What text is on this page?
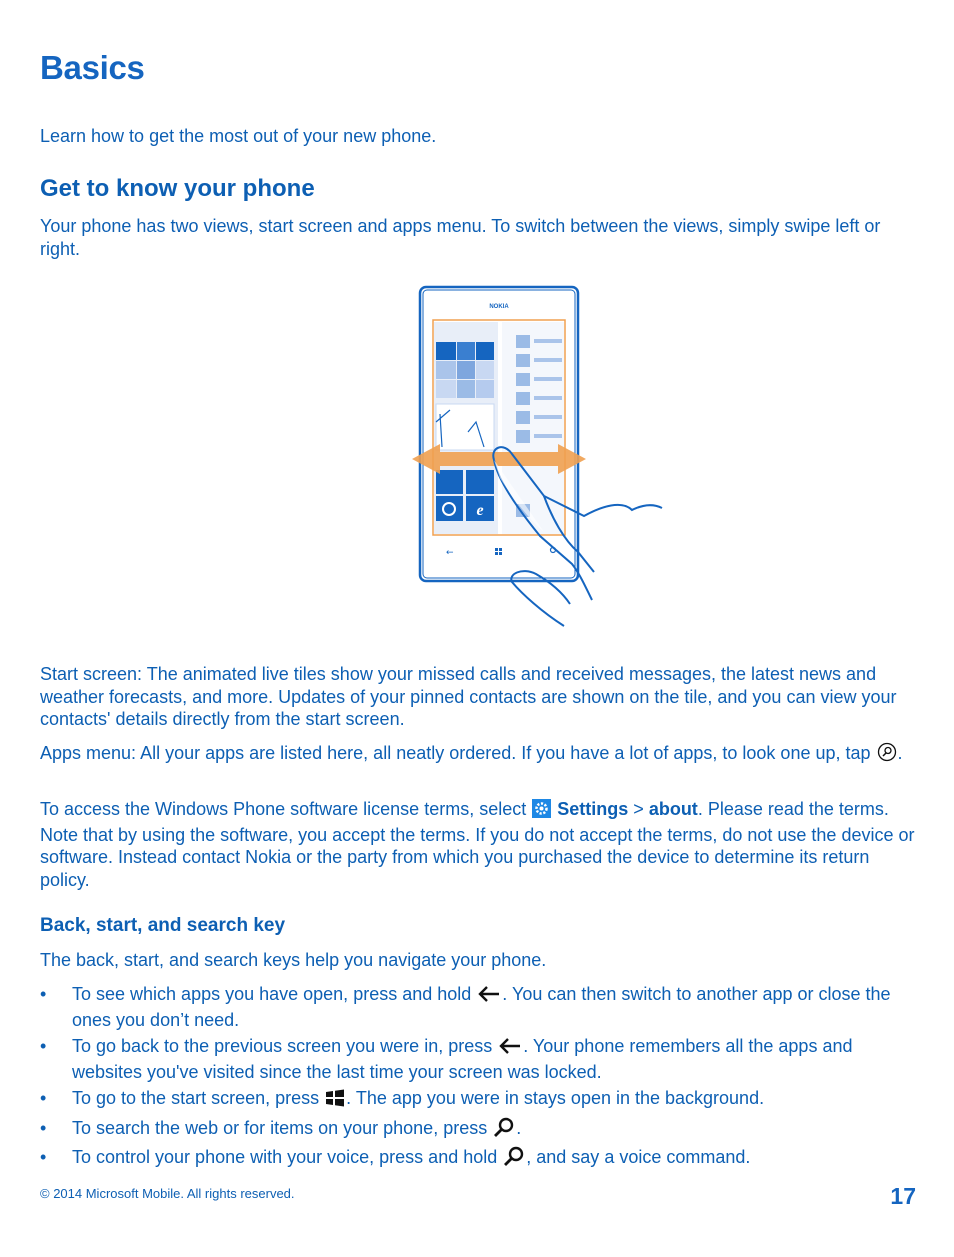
Basics

Learn how to get the most out of your new phone.

Get to know your phone

Your phone has two views, start screen and apps menu. To switch between the views, simply swipe left or right.

NOKIA
e
←

Start screen: The animated live tiles show your missed calls and received messages, the latest news and weather forecasts, and more. Updates of your pinned contacts are shown on the tile, and you can view your contacts' details directly from the start screen.

Apps menu: All your apps are listed here, all neatly ordered. If you have a lot of apps, to look one up, tap .

To access the Windows Phone software license terms, select Settings > about. Please read the terms. Note that by using the software, you accept the terms. If you do not accept the terms, do not use the device or software. Instead contact Nokia or the party from which you purchased the device to determine its return policy.

Back, start, and search key

The back, start, and search keys help you navigate your phone.

• To see which apps you have open, press and hold . You can then switch to another app or close the ones you don’t need.
• To go back to the previous screen you were in, press . Your phone remembers all the apps and websites you've visited since the last time your screen was locked.
• To go to the start screen, press . The app you were in stays open in the background.
• To search the web or for items on your phone, press .
• To control your phone with your voice, press and hold , and say a voice command.
© 2014 Microsoft Mobile. All rights reserved.	17
